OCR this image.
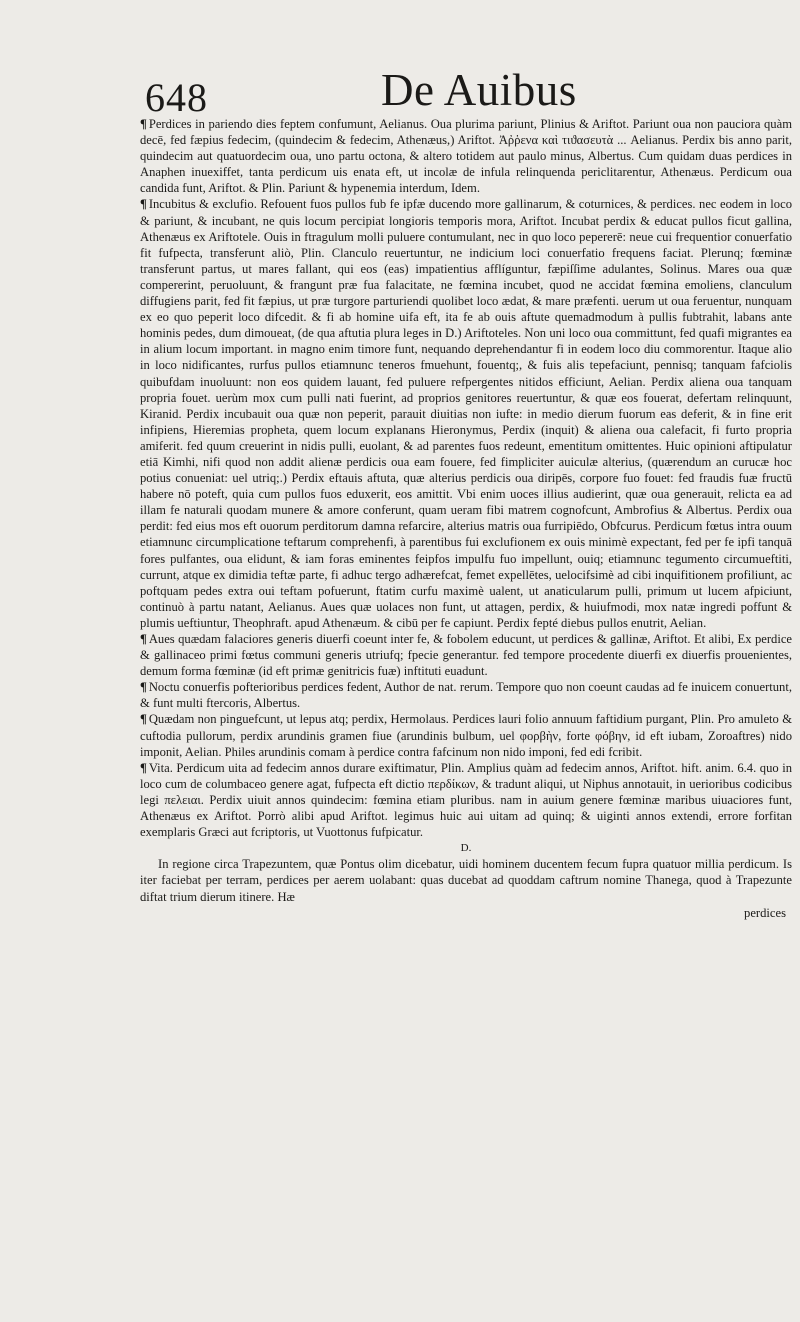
648	De Auibus

¶ Perdices in pariendo dies feptem confumunt, Aelianus. Oua plurima pariunt, Plinius & Ariftot. Pariunt oua non pauciora quàm decē, fed fæpius fedecim, (quindecim & fedecim, Athenæus,) Ariftot. Ἀῤῥενα καὶ τιϑασευτὰ ... Aelianus. Perdix bis anno parit, quindecim aut quatuordecim oua, uno partu octona, & altero totidem aut paulo minus, Albertus. Cum quidam duas perdices in Anaphen inuexiffet, tanta perdicum uis enata eft, ut incolæ de infula relinquenda periclitarentur, Athenæus. Perdicum oua candida funt, Ariftot. & Plin. Pariunt & hypenemia interdum, Idem.

¶ Incubitus & exclufio. Refouent fuos pullos fub fe ipfæ ducendo more gallinarum, & coturnices, & perdices. nec eodem in loco & pariunt, & incubant, ne quis locum percipiat longioris temporis mora, Ariftot. Incubat perdix & educat pullos ficut gallina, Athenæus ex Ariftotele. Ouis in ftragulum molli puluere contumulant, nec in quo loco pepererē: neue cui frequentior conuerfatio fit fufpecta, transferunt aliò, Plin. Clanculo reuertuntur, ne indicium loci conuerfatio frequens faciat. Plerunq; fœminæ transferunt partus, ut mares fallant, qui eos (eas) impatientius afflíguntur, fæpiſſime adulantes, Solinus. Mares oua quæ compererint, peruoluunt, & frangunt præ fua falacitate, ne fœmina incubet, quod ne accidat fœmina emoliens, clanculum diffugiens parit, fed fit fæpius, ut præ turgore parturiendi quolibet loco ædat, & mare præfenti. uerum ut oua feruentur, nunquam ex eo quo peperit loco difcedit. & fi ab homine uifa eft, ita fe ab ouis aftute quemadmodum à pullis fubtrahit, labans ante hominis pedes, dum dimoueat, (de qua aftutia plura leges in D.) Ariftoteles. Non uni loco oua committunt, fed quafi migrantes ea in alium locum important. in magno enim timore funt, nequando deprehendantur fi in eodem loco diu commorentur. Itaque alio in loco nidificantes, rurfus pullos etiamnunc teneros fmuehunt, fouentq;, & fuis alis tepefaciunt, pennisq; tanquam fafciolis quibufdam inuoluunt: non eos quidem lauant, fed puluere refpergentes nitidos efficiunt, Aelian. Perdix aliena oua tanquam propria fouet. uerùm mox cum pulli nati fuerint, ad proprios genitores reuertuntur, & quæ eos fouerat, defertam relinquunt, Kiranid. Perdix incubauit oua quæ non peperit, parauit diuitias non iufte: in medio dierum fuorum eas deferit, & in fine erit infipiens, Hieremias propheta, quem locum explanans Hieronymus, Perdix (inquit) & aliena oua calefacit, fi furto propria amiferit. fed quum creuerint in nidis pulli, euolant, & ad parentes fuos redeunt, ementitum omittentes. Huic opinioni aftipulatur etiā Kimhi, nifi quod non addit alienæ perdicis oua eam fouere, fed fimpliciter auiculæ alterius, (quærendum an curucæ hoc potius conueniat: uel utriq;.) Perdix eftauis aftuta, quæ alterius perdicis oua diripēs, corpore fuo fouet: fed fraudis fuæ fructū habere nō poteft, quia cum pullos fuos eduxerit, eos amittit. Vbi enim uoces illius audierint, quæ oua generauit, relicta ea ad illam fe naturali quodam munere & amore conferunt, quam ueram fibi matrem cognofcunt, Ambrofius & Albertus. Perdix oua perdit: fed eius mos eft ouorum perditorum damna refarcire, alterius matris oua furripiēdo, Obfcurus. Perdicum fœtus intra ouum etiamnunc circumplicatione teftarum comprehenfi, à parentibus fui exclufionem ex ouis minimè expectant, fed per fe ipfi tanquā fores pulfantes, oua elidunt, & iam foras eminentes feipfos impulfu fuo impellunt, ouiq; etiamnunc tegumento circumueftiti, currunt, atque ex dimidia teftæ parte, fi adhuc tergo adhærefcat, femet expellētes, uelocifsimè ad cibi inquifitionem profiliunt, ac poftquam pedes extra oui teftam pofuerunt, ftatim curfu maximè ualent, ut anaticularum pulli, primum ut lucem afpiciunt, continuò à partu natant, Aelianus. Aues quæ uolaces non funt, ut attagen, perdix, & huiufmodi, mox natæ ingredi poffunt & plumis ueftiuntur, Theophraft. apud Athenæum. & cibū per fe capiunt. Perdix fepté diebus pullos enutrit, Aelian.

¶ Aues quædam falaciores generis diuerfi coeunt inter fe, & fobolem educunt, ut perdices & gallinæ, Ariftot. Et alibi, Ex perdice & gallinaceo primi fœtus communi generis utriufq; fpecie generantur. fed tempore procedente diuerfi ex diuerfis prouenientes, demum forma fœminæ (id eft primæ genitricis fuæ) inftituti euadunt.

¶ Noctu conuerfis pofterioribus perdices fedent, Author de nat. rerum. Tempore quo non coeunt caudas ad fe inuicem conuertunt, & funt multi ftercoris, Albertus.

¶ Quædam non pinguefcunt, ut lepus atq; perdix, Hermolaus. Perdices lauri folio annuum faftidium purgant, Plin. Pro amuleto & cuftodia pullorum, perdix arundinis gramen fiue (arundinis bulbum, uel φορβὴν, forte φόβην, id eft iubam, Zoroaftres) nido imponit, Aelian. Philes arundinis comam à perdice contra fafcinum non nido imponi, fed edi fcribit.

¶ Vita. Perdicum uita ad fedecim annos durare exiftimatur, Plin. Amplius quàm ad fedecim annos, Ariftot. hift. anim. 6.4. quo in loco cum de columbaceo genere agat, fufpecta eft dictio περδίκων, & tradunt aliqui, ut Niphus annotauit, in uerioribus codicibus legi πελειαι. Perdix uiuit annos quindecim: fœmina etiam pluribus. nam in auium genere fœminæ maribus uiuaciores funt, Athenæus ex Ariftot. Porrò alibi apud Ariftot. legimus huic aui uitam ad quinq; & uiginti annos extendi, errore forfitan exemplaris Græci aut fcriptoris, ut Vuottonus fufpicatur.

D.

In regione circa Trapezuntem, quæ Pontus olim dicebatur, uidi hominem ducentem fecum fupra quatuor millia perdicum. Is iter faciebat per terram, perdices per aerem uolabant: quas ducebat ad quoddam caftrum nomine Thanega, quod à Trapezunte diftat trium dierum itinere. Hæ

perdices
